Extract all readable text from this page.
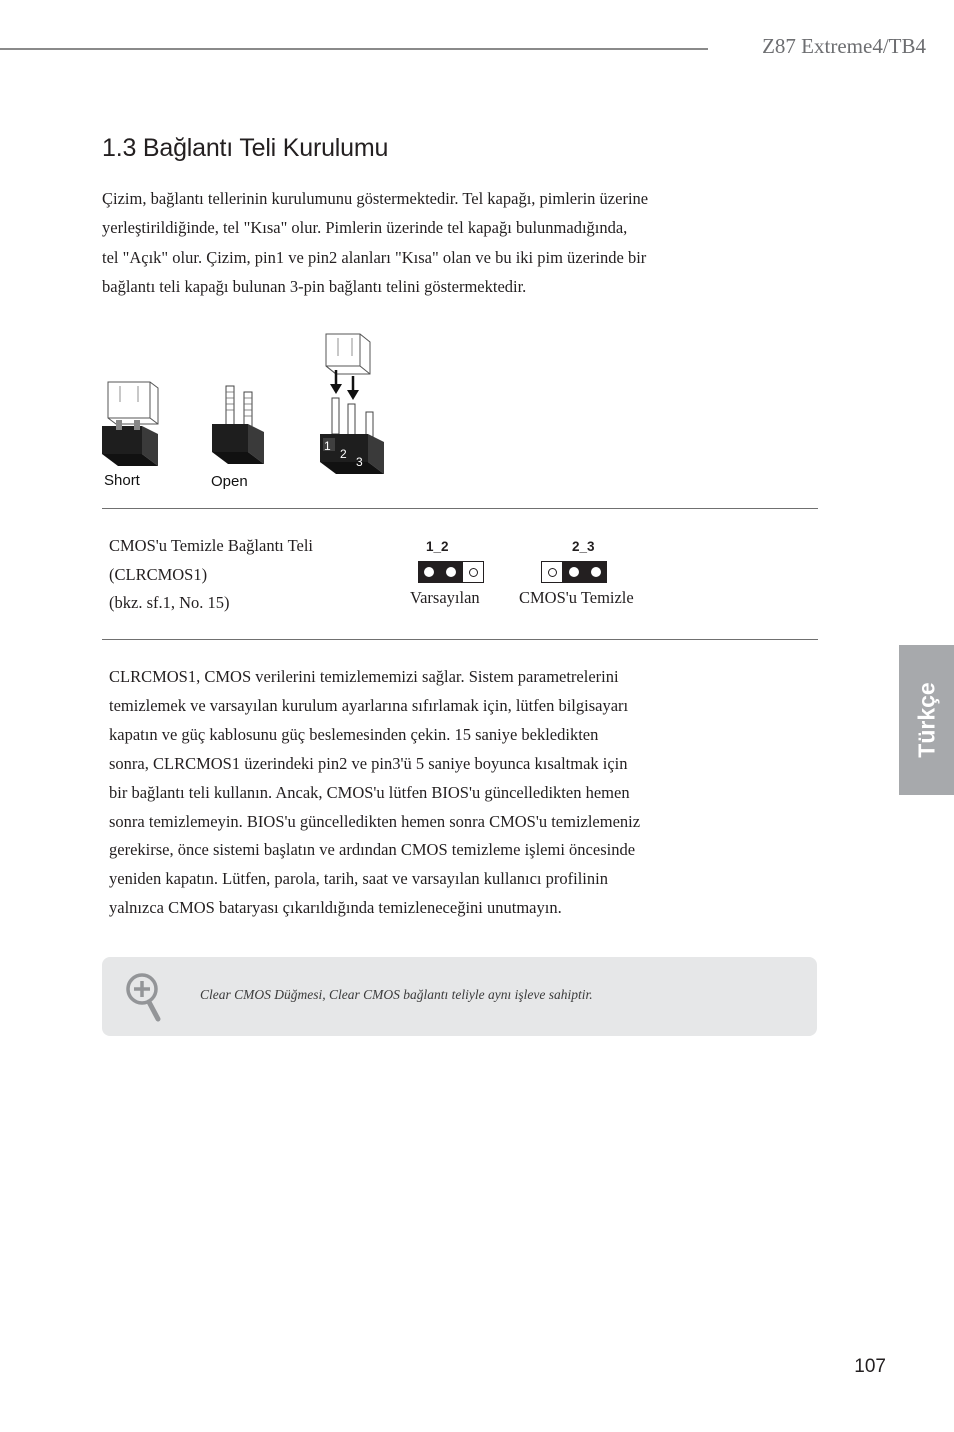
Z87 Extreme4/TB4
1.3 Bağlantı Teli Kurulumu

Çizim, bağlantı tellerinin kurulumunu göstermektedir. Tel kapağı, pimlerin üzerine
yerleştirildiğinde, tel "Kısa" olur. Pimlerin üzerinde tel kapağı bulunmadığında,
tel "Açık" olur. Çizim, pin1 ve pin2 alanları "Kısa" olan ve bu iki pim üzerinde bir
bağlantı teli kapağı bulunan 3-pin bağlantı telini göstermektedir.

1
2
3
Short	Open

CMOS'u Temizle Bağlantı Teli
(CLRCMOS1)
(bkz. sf.1, No. 15)

1_2
Varsayılan
2_3
CMOS'u Temizle

CLRCMOS1, CMOS verilerini temizlememizi sağlar. Sistem parametrelerini
temizlemek ve varsayılan kurulum ayarlarına sıfırlamak için, lütfen bilgisayarı
kapatın ve güç kablosunu güç beslemesinden çekin. 15 saniye bekledikten
sonra, CLRCMOS1 üzerindeki pin2 ve pin3'ü 5 saniye boyunca kısaltmak için
bir bağlantı teli kullanın. Ancak, CMOS'u lütfen BIOS'u güncelledikten hemen
sonra temizlemeyin. BIOS'u güncelledikten hemen sonra CMOS'u temizlemeniz
gerekirse, önce sistemi başlatın ve ardından CMOS temizleme işlemi öncesinde
yeniden kapatın. Lütfen, parola, tarih, saat ve varsayılan kullanıcı profilinin
yalnızca CMOS bataryası çıkarıldığında temizleneceğini unutmayın.

Clear CMOS Düğmesi, Clear CMOS bağlantı teliyle aynı işleve sahiptir.
Türkçe
107
